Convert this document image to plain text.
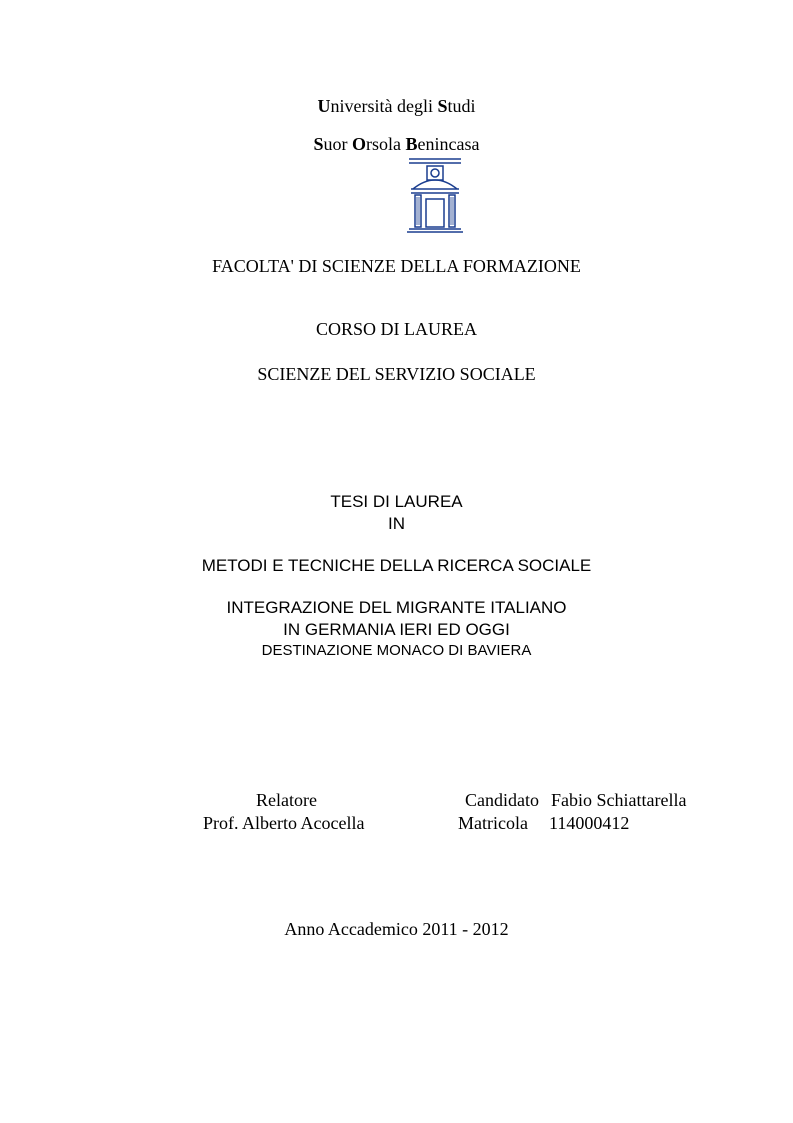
Università degli Studi
Suor Orsola Benincasa
FACOLTA' DI SCIENZE DELLA FORMAZIONE
CORSO DI LAUREA
SCIENZE DEL SERVIZIO SOCIALE
TESI DI LAUREA
IN
METODI E TECNICHE DELLA RICERCA SOCIALE
INTEGRAZIONE DEL MIGRANTE ITALIANO
IN GERMANIA IERI ED OGGI
DESTINAZIONE MONACO DI BAVIERA
Relatore
Prof. Alberto Acocella
Candidato Fabio Schiattarella
Matricola 114000412
Anno Accademico 2011 - 2012
